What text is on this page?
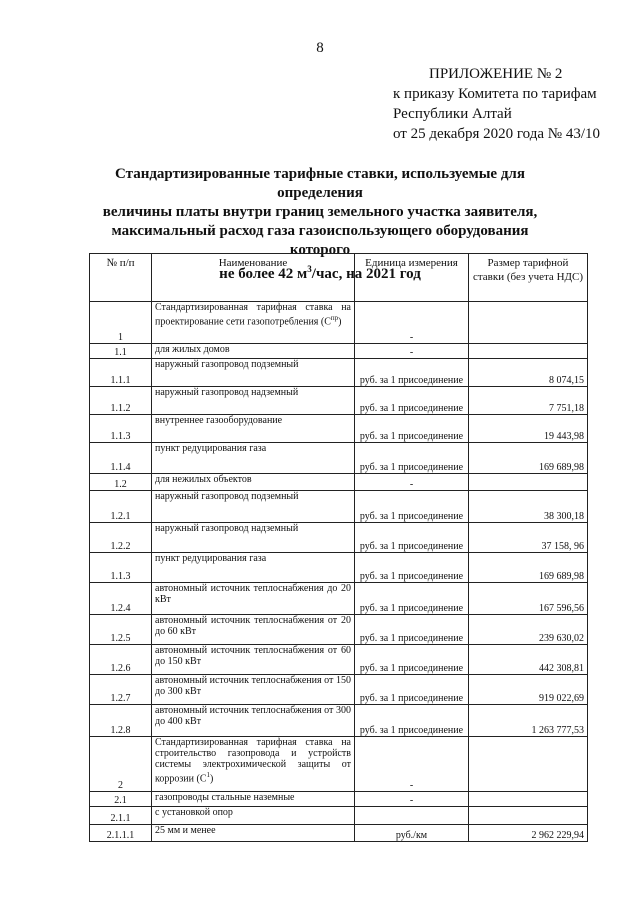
8
ПРИЛОЖЕНИЕ № 2
к приказу Комитета по тарифам
Республики Алтай
от 25 декабря 2020 года № 43/10
Стандартизированные тарифные ставки, используемые для определения
величины платы внутри границ земельного участка заявителя,
максимальный расход газа газоиспользующего оборудования которого
не более 42 $м^3$/час, на 2021 год
№ п/п	Наименование	Единица измерения	Размер тарифной ставки (без учета НДС)
1	Стандартизированная тарифная ставка на проектирование сети газопотребления $(С^{пр})$	-	
1.1	для жилых домов	-	
1.1.1	наружный газопровод подземный	руб. за 1 присоединение	8 074,15
1.1.2	наружный газопровод надземный	руб. за 1 присоединение	7 751,18
1.1.3	внутреннее газооборудование	руб. за 1 присоединение	19 443,98
1.1.4	пункт редуцирования газа	руб. за 1 присоединение	169 689,98
1.2	для нежилых объектов	-	
1.2.1	наружный газопровод подземный	руб. за 1 присоединение	38 300,18
1.2.2	наружный газопровод надземный	руб. за 1 присоединение	37 158, 96
1.1.3	пункт редуцирования газа	руб. за 1 присоединение	169 689,98
1.2.4	автономный источник теплоснабжения до 20 кВт	руб. за 1 присоединение	167 596,56
1.2.5	автономный источник теплоснабжения от 20 до 60 кВт	руб. за 1 присоединение	239 630,02
1.2.6	автономный источник теплоснабжения от 60 до 150 кВт	руб. за 1 присоединение	442 308,81
1.2.7	автономный источник теплоснабжения от 150 до 300 кВт	руб. за 1 присоединение	919 022,69
1.2.8	автономный источник теплоснабжения от 300 до 400 кВт	руб. за 1 присоединение	1 263 777,53
2	Стандартизированная тарифная ставка на строительство газопровода и устройств системы электрохимической защиты от коррозии $(С^1)$	-	
2.1	газопроводы стальные наземные	-	
2.1.1	с установкой опор		
2.1.1.1	25 мм и менее	руб./км	2 962 229,94
